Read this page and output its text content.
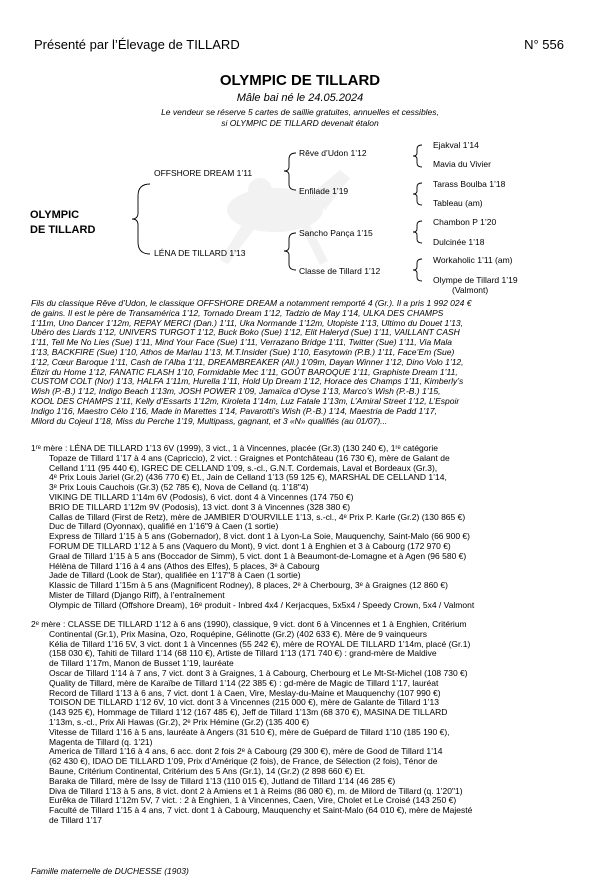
Présenté par l’Élevage de TILLARD	N° 556
OLYMPIC DE TILLARD
Mâle bai né le 24.05.2024
Le vendeur se réserve 5 cartes de saillie gratuites, annuelles et cessibles,
si OLYMPIC DE TILLARD devenait étalon
OLYMPIC
DE TILLARD
OFFSHORE DREAM 1’11
LÉNA DE TILLARD 1’13
Rêve d’Udon 1’12
Enfilade 1’19
Sancho Pança 1’15
Classe de Tillard 1’12
Ejakval 1’14
Mavia du Vivier
Tarass Boulba 1’18
Tableau (am)
Chambon P 1’20
Dulcinée 1’18
Workaholic 1’11 (am)
Olympe de Tillard 1’19
(Valmont)
Fils du classique Rêve d’Udon, le classique OFFSHORE DREAM a notamment remporté 4 (Gr.). Il a pris 1 992 024 €
de gains. Il est le père de Transamérica 1’12, Tornado Dream 1’12, Tadzio de May 1’14, ULKA DES CHAMPS
1’11m, Uno Dancer 1’12m, REPAY MERCI (Dan.) 1’11, Uka Normande 1’12m, Utopiste 1’13, Ultimo du Douet 1’13,
Ubéro des Liards 1’12, UNIVERS TURGOT 1’12, Buck Boko (Sue) 1’12, Elit Haleryd (Sue) 1’11, VAILLANT CASH
1’11, Tell Me No Lies (Sue) 1’11, Mind Your Face (Sue) 1’11, Verrazano Bridge 1’11, Twitter (Sue) 1’11, Via Mala
1’13, BACKFIRE (Sue) 1’10, Athos de Marlau 1’13, M.T.Insider (Sue) 1’10, Easytowin (P.B.) 1’11, Face’Em (Sue)
1’12, Cœur Baroque 1’11, Cash de l’Alba 1’11, DREAMBREAKER (All.) 1’09m, Dayan Winner 1’12, Dino Volo 1’12,
Élizir du Home 1’12, FANATIC FLASH 1’10, Formidable Mec 1’11, GOÛT BAROQUE 1’11, Graphiste Dream 1’11,
CUSTOM COLT (Nor) 1’13, HALFA 1’11m, Hurella 1’11, Hold Up Dream 1’12, Horace des Champs 1’11, Kimberly’s
Wish (P.-B.) 1’12, Indigo Beach 1’13m, JOSH POWER 1’09, Jamaïca d’Oyse 1’13, Marco’s Wish (P.-B.) 1’15,
KOOL DES CHAMPS 1’11, Kelly d’Essarts 1’12m, Kiroleta 1’14m, Luz Fatale 1’13m, L’Amiral Street 1’12, L’Espoir
Indigo 1’16, Maestro Célo 1’16, Made in Marettes 1’14, Pavarotti’s Wish (P.-B.) 1’14, Maestria de Padd 1’17,
Milord du Cojeul 1’18, Miss du Perche 1’19, Multipass, gagnant, et 3 «N» qualifiés (au 01/07)...
1ʳᵉ mère : LÉNA DE TILLARD 1’13 6V (1999), 3 vict., 1 à Vincennes, placée (Gr.3) (130 240 €), 1ʳᵉ catégorie
Topaze de Tillard 1’17 à 4 ans (Capriccio), 2 vict. : Graignes et Pontchâteau (16 730 €), mère de Galant de
Celland 1’11 (95 440 €), IGREC DE CELLAND 1’09, s.-cl., G.N.T. Cordemais, Laval et Bordeaux (Gr.3),
4ᵉ Prix Louis Jariel (Gr.2) (436 770 €) Et., Jain de Celland 1’13 (59 125 €), MARSHAL DE CELLAND 1’14,
3ᵉ Prix Louis Cauchois (Gr.3) (52 785 €), Nova de Celland (q. 1’18"4)
VIKING DE TILLARD 1’14m 6V (Podosis), 6 vict. dont 4 à Vincennes (174 750 €)
BRIO DE TILLARD 1’12m 9V (Podosis), 13 vict. dont 3 à Vincennes (328 380 €)
Callas de Tillard (First de Retz), mère de JAMBIER D’OURVILLE 1’13, s.-cl., 4ᵉ Prix P. Karle (Gr.2) (130 865 €)
Duc de Tillard (Oyonnax), qualifié en 1’16"9 à Caen (1 sortie)
Express de Tillard 1’15 à 5 ans (Gobernador), 8 vict. dont 1 à Lyon-La Soie, Mauquenchy, Saint-Malo (66 900 €)
FORUM DE TILLARD 1’12 à 5 ans (Vaquero du Mont), 9 vict. dont 1 à Enghien et 3 à Cabourg (172 970 €)
Graal de Tillard 1’15 à 5 ans (Boccador de Simm), 5 vict. dont 1 à Beaumont-de-Lomagne et à Agen (96 580 €)
Hélèna de Tillard 1’16 à 4 ans (Athos des Elfes), 5 places, 3ᵉ à Cabourg
Jade de Tillard (Look de Star), qualifiée en 1’17"8 à Caen (1 sortie)
Klassic de Tillard 1’15m à 5 ans (Magnificent Rodney), 8 places, 2ᵉ à Cherbourg, 3ᵉ à Graignes (12 860 €)
Mister de Tillard (Django Riff), à l’entraînement
Olympic de Tillard (Offshore Dream), 16ᵉ produit - Inbred 4x4 / Kerjacques, 5x5x4 / Speedy Crown, 5x4 / Valmont
2ᵉ mère : CLASSE DE TILLARD 1’12 à 6 ans (1990), classique, 9 vict. dont 6 à Vincennes et 1 à Enghien, Critérium
Continental (Gr.1), Prix Masina, Ozo, Roquépine, Gélinotte (Gr.2) (402 633 €). Mère de 9 vainqueurs
Kélia de Tillard 1’16 5V, 3 vict. dont 1 à Vincennes (55 242 €), mère de ROYAL DE TILLARD 1’14m, placé (Gr.1)
(158 030 €), Tahiti de Tillard 1’14 (68 110 €), Artiste de Tillard 1’13 (171 740 €) : grand-mère de Maldive
de Tillard 1’17m, Manon de Busset 1’19, lauréate
Oscar de Tillard 1’14 à 7 ans, 7 vict. dont 3 à Graignes, 1 à Cabourg, Cherbourg et Le Mt-St-Michel (108 730 €)
Quality de Tillard, mère de Karaïbe de Tillard 1’14 (22 385 €) : gd-mère de Magic de Tillard 1’17, lauréat
Record de Tillard 1’13 à 6 ans, 7 vict. dont 1 à Caen, Vire, Meslay-du-Maine et Mauquenchy (107 990 €)
TOISON DE TILLARD 1’12 6V, 10 vict. dont 3 à Vincennes (215 000 €), mère de Galante de Tillard 1’13
(143 925 €), Hommage de Tillard 1’12 (167 485 €), Jeff de Tillard 1’13m (68 370 €), MASINA DE TILLARD
1’13m, s.-cl., Prix Ali Hawas (Gr.2), 2ᵉ Prix Hémine (Gr.2) (135 400 €)
Vitesse de Tillard 1’16 à 5 ans, lauréate à Angers (31 510 €), mère de Guépard de Tillard 1’10 (185 190 €),
Magenta de Tillard (q. 1’21)
America de Tillard 1’16 à 4 ans, 6 acc. dont 2 fois 2ᵉ à Cabourg (29 300 €), mère de Good de Tillard 1’14
(62 430 €), IDAO DE TILLARD 1’09, Prix d’Amérique (2 fois), de France, de Sélection (2 fois), Ténor de
Baune, Critérium Continental, Critérium des 5 Ans (Gr.1), 14 (Gr.2) (2 898 660 €) Et.
Baraka de Tillard, mère de Issy de Tillard 1’13 (110 015 €), Jutland de Tillard 1’14 (46 285 €)
Diva de Tillard 1’13 à 5 ans, 8 vict. dont 2 à Amiens et 1 à Reims (86 080 €), m. de Milord de Tillard (q. 1’20"1)
Eurêka de Tillard 1’12m 5V, 7 vict. : 2 à Enghien, 1 à Vincennes, Caen, Vire, Cholet et Le Croisé (143 250 €)
Faculté de Tillard 1’15 à 4 ans, 7 vict. dont 1 à Cabourg, Mauquenchy et Saint-Malo (64 010 €), mère de Majesté
de Tillard 1’17
Famille maternelle de DUCHESSE (1903)
